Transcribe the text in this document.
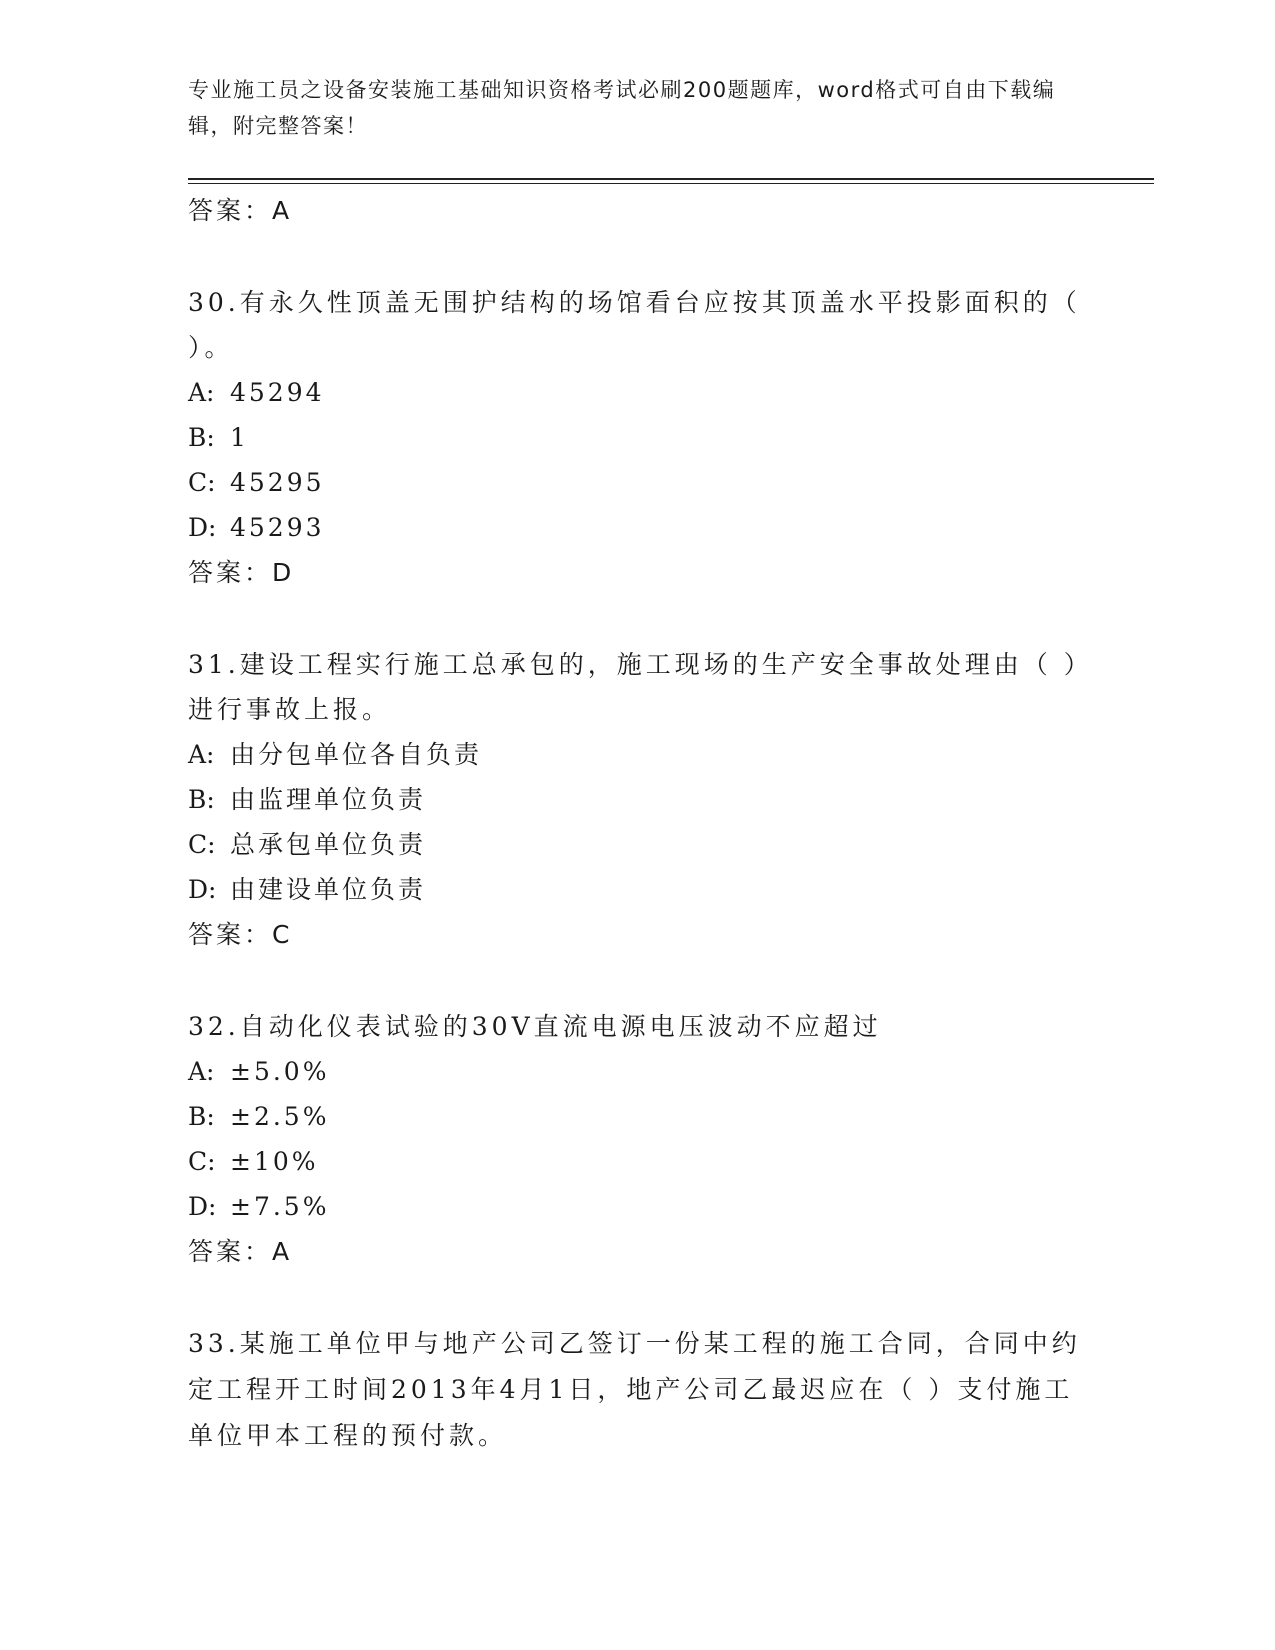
专业施工员之设备安装施工基础知识资格考试必刷200题题库，word格式可自由下载编辑，附完整答案！
答案：A
30.有永久性顶盖无围护结构的场馆看台应按其顶盖水平投影面积的（ ）。
A: 45294
B: 1
C: 45295
D: 45293
答案：D
31.建设工程实行施工总承包的，施工现场的生产安全事故处理由（ ）进行事故上报。
A: 由分包单位各自负责
B: 由监理单位负责
C: 总承包单位负责
D: 由建设单位负责
答案：C
32.自动化仪表试验的30V直流电源电压波动不应超过
A: ±5.0%
B: ±2.5%
C: ±10%
D: ±7.5%
答案：A
33.某施工单位甲与地产公司乙签订一份某工程的施工合同，合同中约定工程开工时间2013年4月1日，地产公司乙最迟应在（ ）支付施工单位甲本工程的预付款。
